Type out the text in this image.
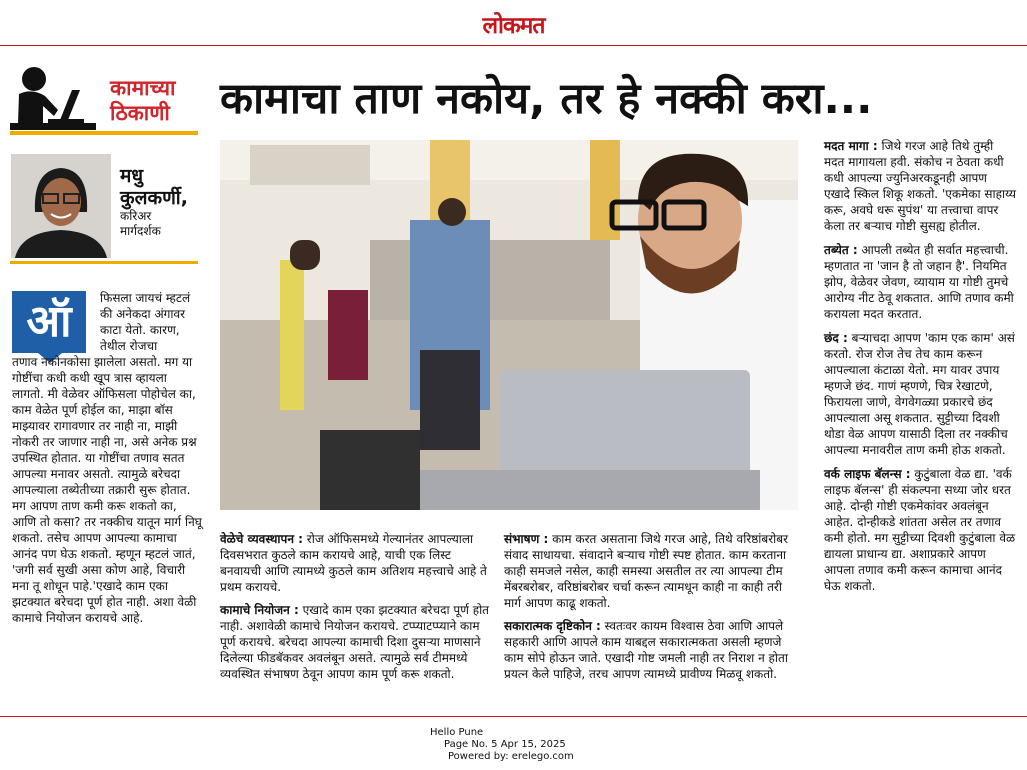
लोकमत
कामाच्या
ठिकाणी कामाचा ताण नकोय, तर हे नक्की करा...
मधु
कुलकर्णी,
करिअर
मार्गदर्शक
ऑ	फिसला जायचं म्हटलं की अनेकदा अंगावर काटा येतो. कारण, तेथील रोजचा
तणाव नकोनकोसा झालेला असतो. मग या गोष्टींचा कधी कधी खूप त्रास व्हायला लागतो. मी वेळेवर ऑफिसला पोहोचेल का, काम वेळेत पूर्ण होईल का, माझा बॉस माझ्यावर रागावणार तर नाही ना, माझी नोकरी तर जाणार नाही ना, असे अनेक प्रश्न उपस्थित होतात. या गोष्टींचा तणाव सतत आपल्या मनावर असतो. त्यामुळे बरेचदा आपल्याला तब्येतीच्या तक्रारी सुरू होतात. मग आपण ताण कमी करू शकतो का, आणि तो कसा? तर नक्कीच यातून मार्ग निघू शकतो. तसेच आपण आपल्या कामाचा आनंद पण घेऊ शकतो. म्हणून म्हटलं जातं, 'जगी सर्व सुखी असा कोण आहे, विचारी मना तू शोधून पाहे.'एखादे काम एका झटक्यात बरेचदा पूर्ण होत नाही. अशा वेळी कामाचे नियोजन करायचे आहे.

वेळेचे व्यवस्थापन : रोज ऑफिसमध्ये गेल्यानंतर आपल्याला दिवसभरात कुठले काम करायचे आहे, याची एक लिस्ट बनवायची आणि त्यामध्ये कुठले काम अतिशय महत्त्वाचे आहे ते प्रथम करायचे.

कामाचे नियोजन : एखादे काम एका झटक्यात बरेचदा पूर्ण होत नाही. अशावेळी कामाचे नियोजन करायचे. टप्प्याटप्प्याने काम पूर्ण करायचे. बरेचदा आपल्या कामाची दिशा दुसऱ्या माणसाने दिलेल्या फीडबॅकवर अवलंबून असते. त्यामुळे सर्व टीममध्ये व्यवस्थित संभाषण ठेवून आपण काम पूर्ण करू शकतो.

संभाषण : काम करत असताना जिथे गरज आहे, तिथे वरिष्ठांबरोबर संवाद साधायचा. संवादाने बऱ्याच गोष्टी स्पष्ट होतात. काम करताना काही समजले नसेल, काही समस्या असतील तर त्या आपल्या टीम मेंबरबरोबर, वरिष्ठांबरोबर चर्चा करून त्यामधून काही ना काही तरी मार्ग आपण काढू शकतो.

सकारात्मक दृष्टिकोन : स्वतःवर कायम विश्वास ठेवा आणि आपले सहकारी आणि आपले काम याबद्दल सकारात्मकता असली म्हणजे काम सोपे होऊन जाते. एखादी गोष्ट जमली नाही तर निराश न होता प्रयत्न केले पाहिजे, तरच आपण त्यामध्ये प्रावीण्य मिळवू शकतो.

मदत मागा : जिथे गरज आहे तिथे तुम्ही मदत मागायला हवी. संकोच न ठेवता कधी कधी आपल्या ज्युनिअरकडूनही आपण एखादे स्किल शिकू शकतो. 'एकमेका साहाय्य करू, अवघे धरू सुपंथ' या तत्त्वाचा वापर केला तर बऱ्याच गोष्टी सुसह्य होतील.

तब्येत : आपली तब्येत ही सर्वात महत्त्वाची. म्हणतात ना 'जान है तो जहान है'. नियमित झोप, वेळेवर जेवण, व्यायाम या गोष्टी तुमचे आरोग्य नीट ठेवू शकतात. आणि तणाव कमी करायला मदत करतात.

छंद : बऱ्याचदा आपण 'काम एक काम' असं करतो. रोज रोज तेच तेच काम करून आपल्याला कंटाळा येतो. मग यावर उपाय म्हणजे छंद. गाणं म्हणणे, चित्र रेखाटणे, फिरायला जाणे, वेगवेगळ्या प्रकारचे छंद आपल्याला असू शकतात. सुट्टीच्या दिवशी थोडा वेळ आपण यासाठी दिला तर नक्कीच आपल्या मनावरील ताण कमी होऊ शकतो.

वर्क लाइफ बॅलन्स : कुटुंबाला वेळ द्या. 'वर्क लाइफ बॅलन्स' ही संकल्पना सध्या जोर धरत आहे. दोन्ही गोष्टी एकमेकांवर अवलंबून आहेत. दोन्हीकडे शांतता असेल तर तणाव कमी होतो. मग सुट्टीच्या दिवशी कुटुंबाला वेळ द्यायला प्राधान्य द्या. अशाप्रकारे आपण आपला तणाव कमी करून कामाचा आनंद घेऊ शकतो.

Hello Pune
Page No. 5 Apr 15, 2025
Powered by: erelego.com
